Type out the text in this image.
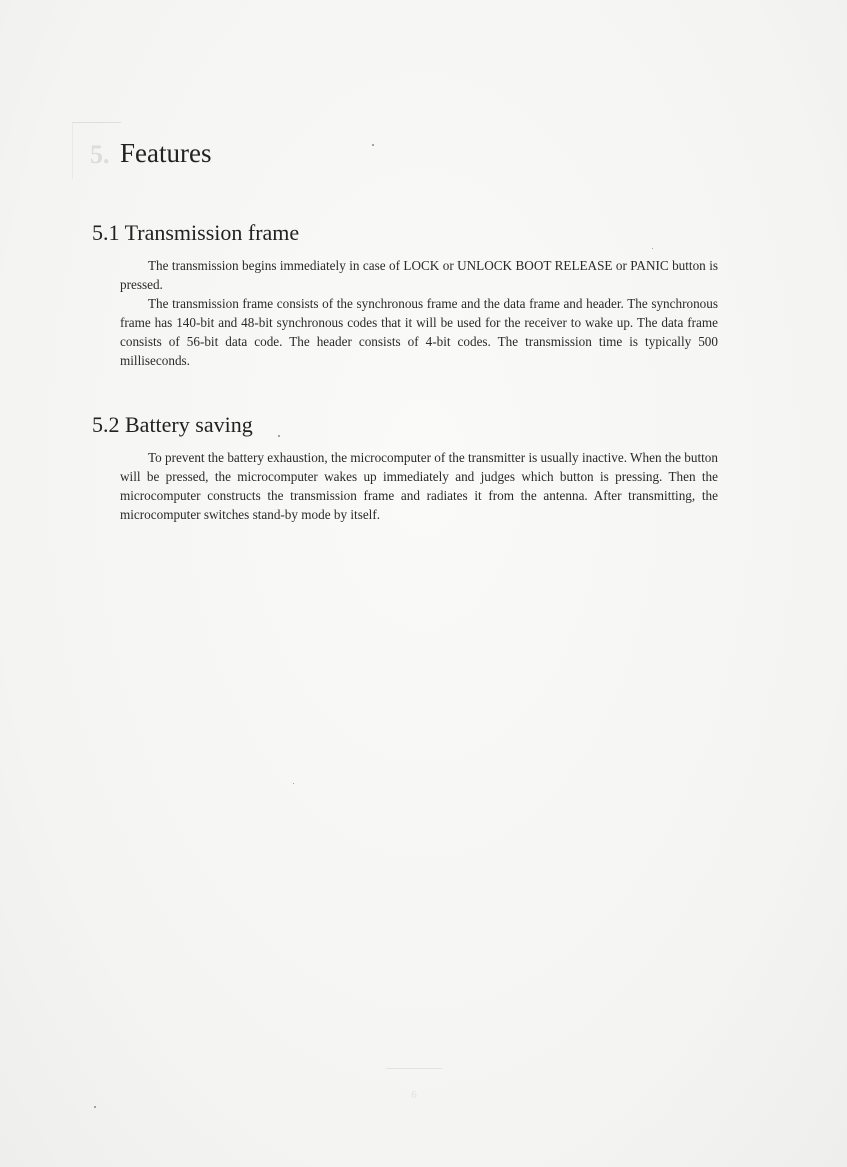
5. Features
5.1 Transmission frame

The transmission begins immediately in case of LOCK or UNLOCK BOOT RELEASE or PANIC button is pressed.

The transmission frame consists of the synchronous frame and the data frame and header. The synchronous frame has 140-bit and 48-bit synchronous codes that it will be used for the receiver to wake up. The data frame consists of 56-bit data code. The header consists of 4-bit codes. The transmission time is typically 500 milliseconds.

5.2 Battery saving

To prevent the battery exhaustion, the microcomputer of the transmitter is usually inactive. When the button will be pressed, the microcomputer wakes up immediately and judges which button is pressing. Then the microcomputer constructs the transmission frame and radiates it from the antenna. After transmitting, the microcomputer switches stand-by mode by itself.

6
